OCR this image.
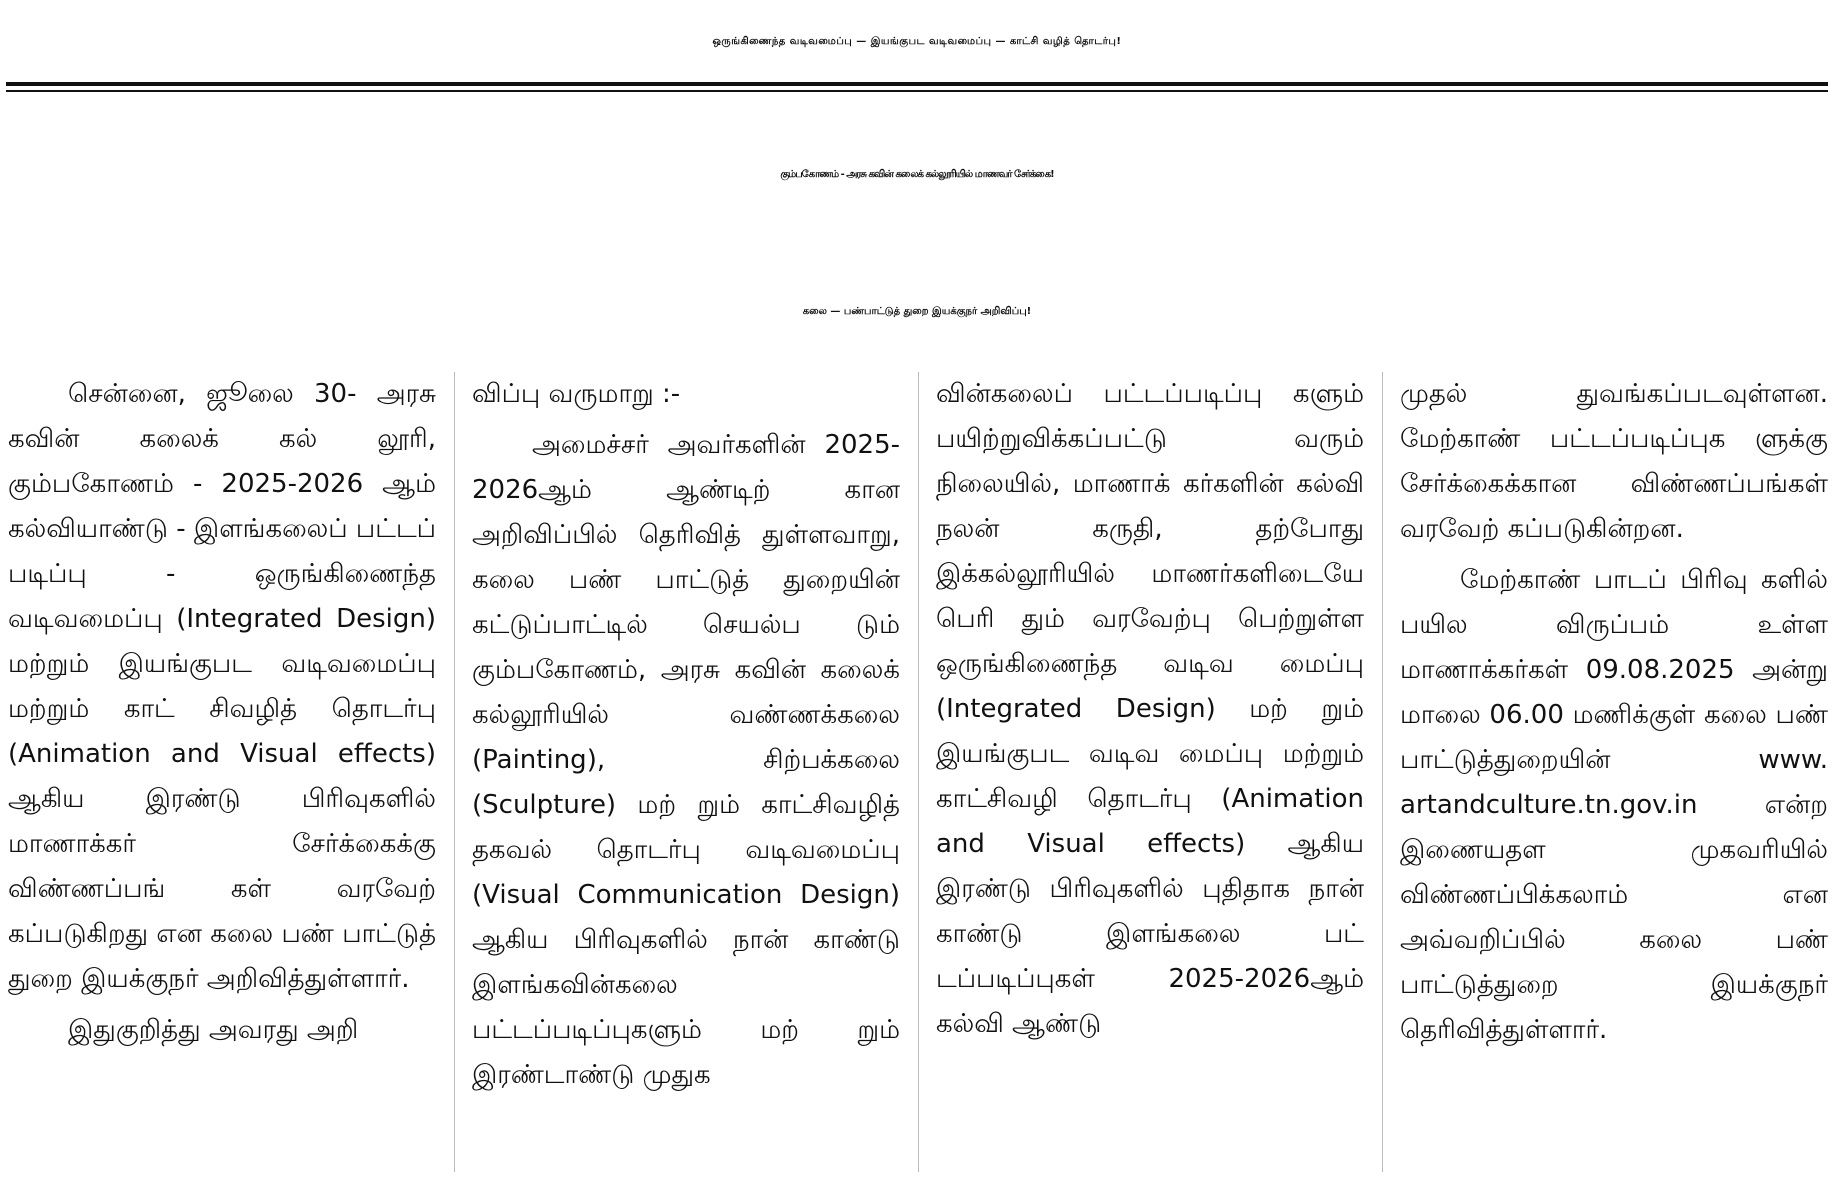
ஒருங்கிணைந்த வடிவமைப்பு — இயங்குபட வடிவமைப்பு — காட்சி வழித் தொடர்பு!
கும்பகோணம் - அரசு கவின் கலைக் கல்லூரியில் மாணவர் சேர்க்கை!
கலை — பண்பாட்டுத் துறை இயக்குநர் அறிவிப்பு!

சென்னை, ஜூலை 30- அரசு கவின் கலைக் கல் லூரி, கும்பகோணம் - 2025-2026 ஆம் கல்வியாண்டு - இளங்கலைப் பட்டப் படிப்பு - ஒருங்கிணைந்த வடிவமைப்பு (Integrated Design) மற்றும் இயங்குபட வடிவமைப்பு மற்றும் காட் சிவழித் தொடர்பு (Animation and Visual effects) ஆகிய இரண்டு பிரிவுகளில் மாணாக்கர் சேர்க்கைக்கு விண்ணப்பங் கள் வரவேற் கப்படுகிறது என கலை பண் பாட்டுத் துறை இயக்குநர் அறிவித்துள்ளார்.

இதுகுறித்து அவரது அறி

விப்பு வருமாறு :-

அமைச்சர் அவர்களின் 2025-2026ஆம் ஆண்டிற் கான அறிவிப்பில் தெரிவித் துள்ளவாறு, கலை பண் பாட்டுத் துறையின் கட்டுப்பாட்டில் செயல்ப டும் கும்பகோணம், அரசு கவின் கலைக் கல்லூரியில் வண்ணக்கலை (Painting), சிற்பக்கலை (Sculpture) மற் றும் காட்சிவழித் தகவல் தொடர்பு வடிவமைப்பு (Visual Communication Design) ஆகிய பிரிவுகளில் நான் காண்டு இளங்கவின்கலை பட்டப்படிப்புகளும் மற் றும் இரண்டாண்டு முதுக

வின்கலைப் பட்டப்படிப்பு களும் பயிற்றுவிக்கப்பட்டு வரும் நிலையில், மாணாக் கர்களின் கல்வி நலன் கருதி, தற்போது இக்கல்லூரியில் மாணர்களிடையே பெரி தும் வரவேற்பு பெற்றுள்ள ஒருங்கிணைந்த வடிவ மைப்பு (Integrated Design) மற் றும் இயங்குபட வடிவ மைப்பு மற்றும் காட்சிவழி தொடர்பு (Animation and Visual effects) ஆகிய இரண்டு பிரிவுகளில் புதிதாக நான் காண்டு இளங்கலை பட் டப்படிப்புகள் 2025-2026ஆம் கல்வி ஆண்டு

முதல் துவங்கப்படவுள்ளன. மேற்காண் பட்டப்படிப்புக ளுக்கு சேர்க்கைக்கான விண்ணப்பங்கள் வரவேற் கப்படுகின்றன.

மேற்காண் பாடப் பிரிவு களில் பயில விருப்பம் உள்ள மாணாக்கர்கள் 09.08.2025 அன்று மாலை 06.00 மணிக்குள் கலை பண் பாட்டுத்துறையின் www. artandculture.tn.gov.in என்ற இணையதள முகவரியில் விண்ணப்பிக்கலாம் என அவ்வறிப்பில் கலை பண் பாட்டுத்துறை இயக்குநர் தெரிவித்துள்ளார்.
